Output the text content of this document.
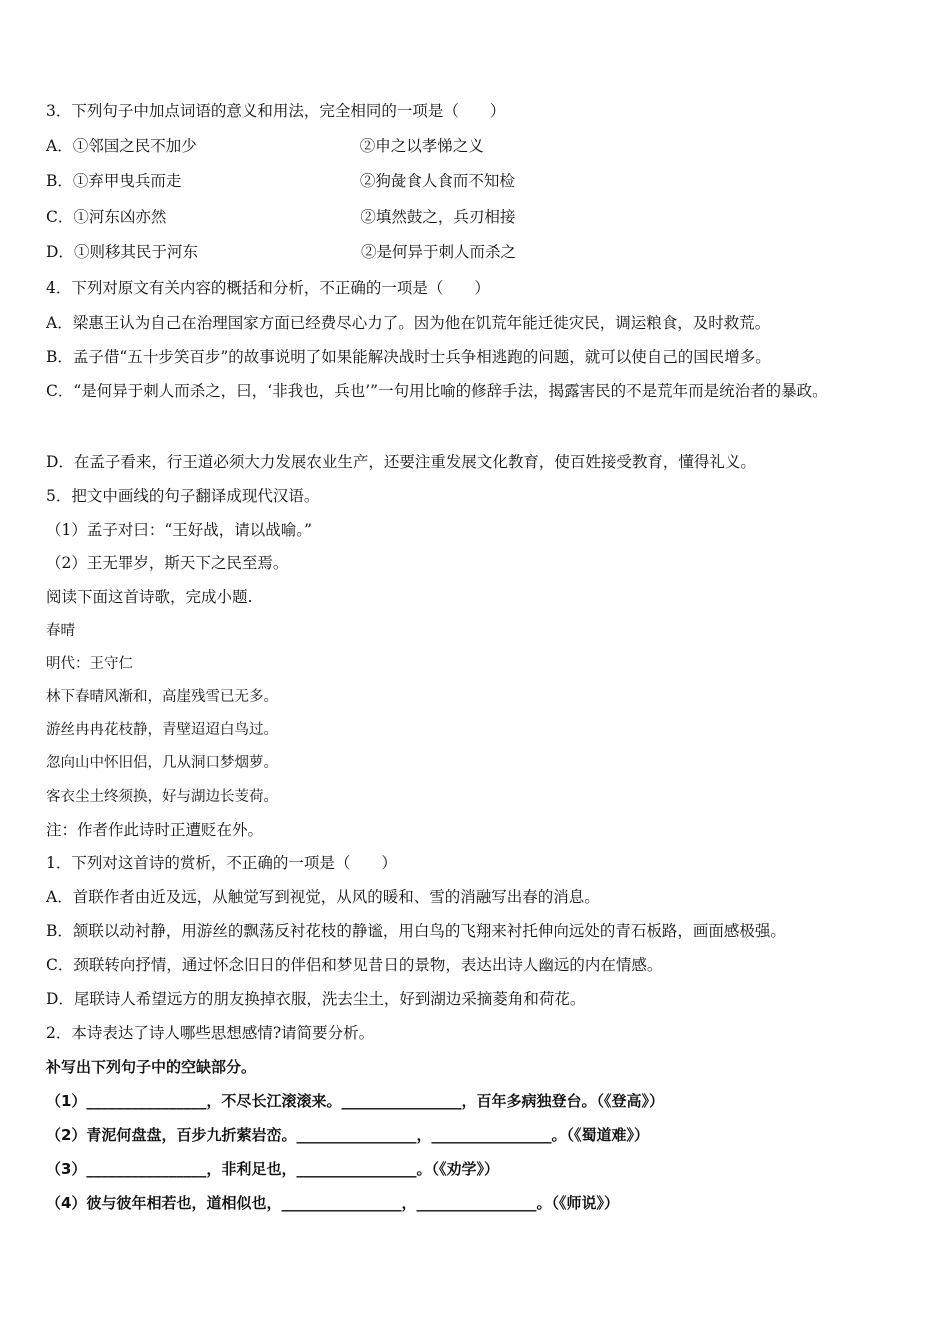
3．下列句子中加点词语的意义和用法，完全相同的一项是（　　）
A．①邻国之民不加少	②申之以孝悌之义
B．①弃甲曳兵而走	②狗彘食人食而不知检
C．①河东凶亦然	②填然鼓之，兵刃相接
D．①则移其民于河东	②是何异于刺人而杀之
4．下列对原文有关内容的概括和分析，不正确的一项是（　　）
A．梁惠王认为自己在治理国家方面已经费尽心力了。因为他在饥荒年能迁徙灾民，调运粮食，及时救荒。
B．孟子借“五十步笑百步”的故事说明了如果能解决战时士兵争相逃跑的问题，就可以使自己的国民增多。
C．“是何异于刺人而杀之，曰，‘非我也，兵也’”一句用比喻的修辞手法，揭露害民的不是荒年而是统治者的暴政。
D．在孟子看来，行王道必须大力发展农业生产，还要注重发展文化教育，使百姓接受教育，懂得礼义。
5．把文中画线的句子翻译成现代汉语。
（1）孟子对曰：“王好战，请以战喻。”
（2）王无罪岁，斯天下之民至焉。
阅读下面这首诗歌，完成小题.
春晴
明代：王守仁
林下春晴风渐和，高崖残雪已无多。
游丝冉冉花枝静，青壁迢迢白鸟过。
忽向山中怀旧侣，几从洞口梦烟萝。
客衣尘土终须换，好与湖边长芰荷。
注：作者作此诗时正遭贬在外。
1．下列对这首诗的赏析，不正确的一项是（　　）
A．首联作者由近及远，从触觉写到视觉，从风的暖和、雪的消融写出春的消息。
B．颔联以动衬静，用游丝的飘荡反衬花枝的静谧，用白鸟的飞翔来衬托伸向远处的青石板路，画面感极强。
C．颈联转向抒情，通过怀念旧日的伴侣和梦见昔日的景物，表达出诗人幽远的内在情感。
D．尾联诗人希望远方的朋友换掉衣服，洗去尘土，好到湖边采摘菱角和荷花。
2．本诗表达了诗人哪些思想感情?请简要分析。
补写出下列句子中的空缺部分。
（1）________________，不尽长江滚滚来。________________，百年多病独登台。（《登高》）
（2）青泥何盘盘，百步九折萦岩峦。________________，________________。（《蜀道难》）
（3）________________，非利足也，________________。（《劝学》）
（4）彼与彼年相若也，道相似也，________________，________________。（《师说》）
